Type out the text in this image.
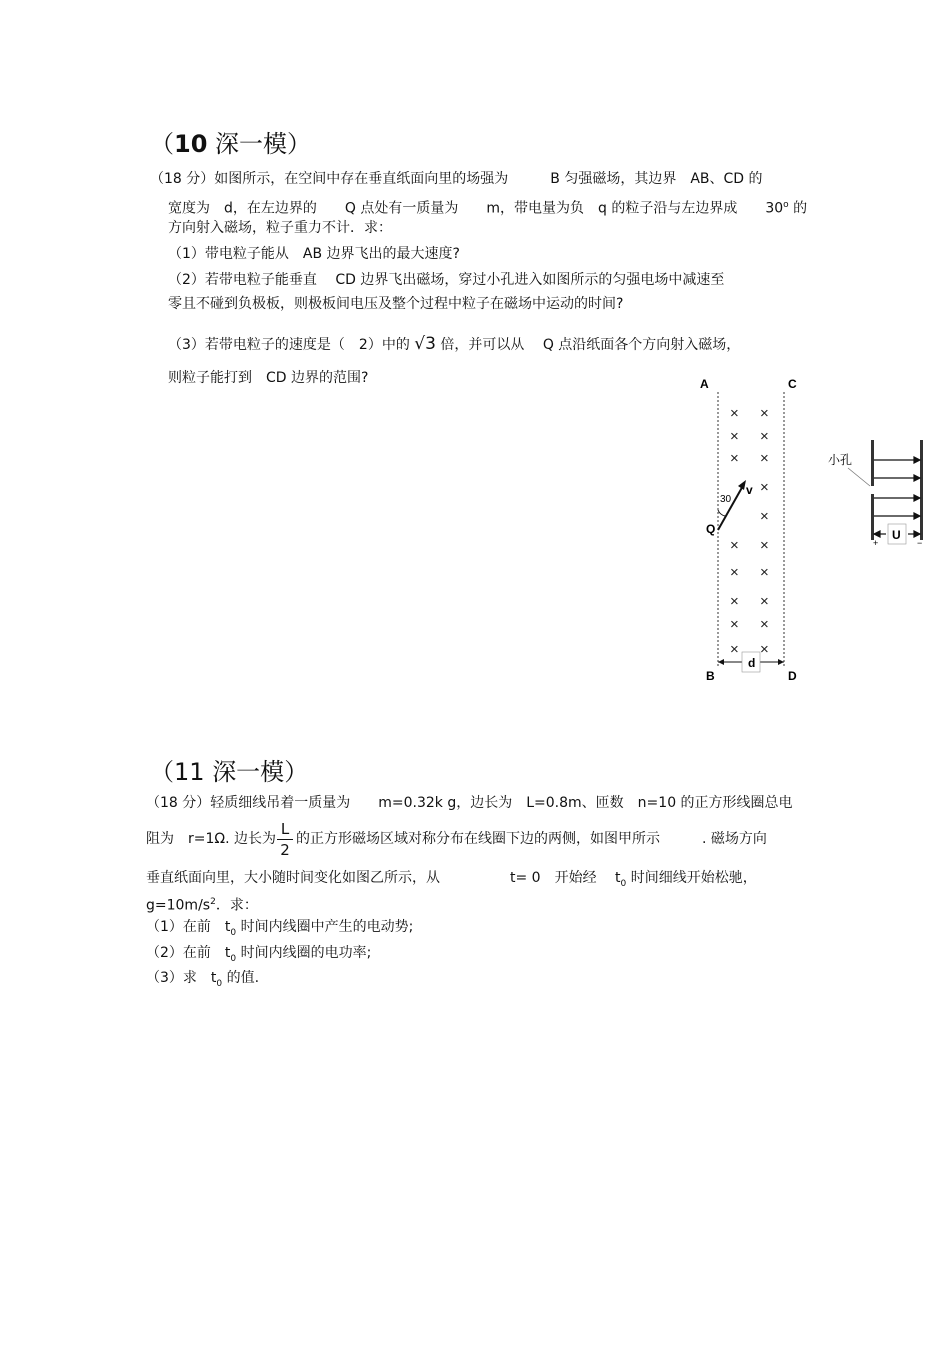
（10 深一模）
（18 分）如图所示，在空间中存在垂直纸面向里的场强为　　　B 匀强磁场，其边界　AB、CD 的
宽度为　d，在左边界的　　Q 点处有一质量为　　m，带电量为负　q 的粒子沿与左边界成　　30$^o$ 的
方向射入磁场，粒子重力不计．求：
（1）带电粒子能从　AB 边界飞出的最大速度?
（2）若带电粒子能垂直　 CD 边界飞出磁场，穿过小孔进入如图所示的匀强电场中减速至
零且不碰到负极板，则极板间电压及整个过程中粒子在磁场中运动的时间?
（3）若带电粒子的速度是（　2）中的 √3 倍，并可以从　 Q 点沿纸面各个方向射入磁场，
则粒子能打到　CD 边界的范围?	A	C
× ×
× ×
× ×
×
×
× ×
× ×
× ×
× ×
× ×
Q
v
30
d
B	D
小孔
U
+	−
（11 深一模）
（18 分）轻质细线吊着一质量为　　m=0.32k g，边长为　L=0.8m、匝数　n=10 的正方形线圈总电
阻为　r=1Ω. 边长为
L
2
的正方形磁场区域对称分布在线圈下边的两侧，如图甲所示　　　. 磁场方向
垂直纸面向里，大小随时间变化如图乙所示，从　　　　　t= 0　开始经　 $t_0$ 时间细线开始松驰，
$g=10m/s^2$．求：
（1）在前　$t_0$ 时间内线圈中产生的电动势;
（2）在前　$t_0$ 时间内线圈的电功率;
（3）求　$t_0$ 的值.
